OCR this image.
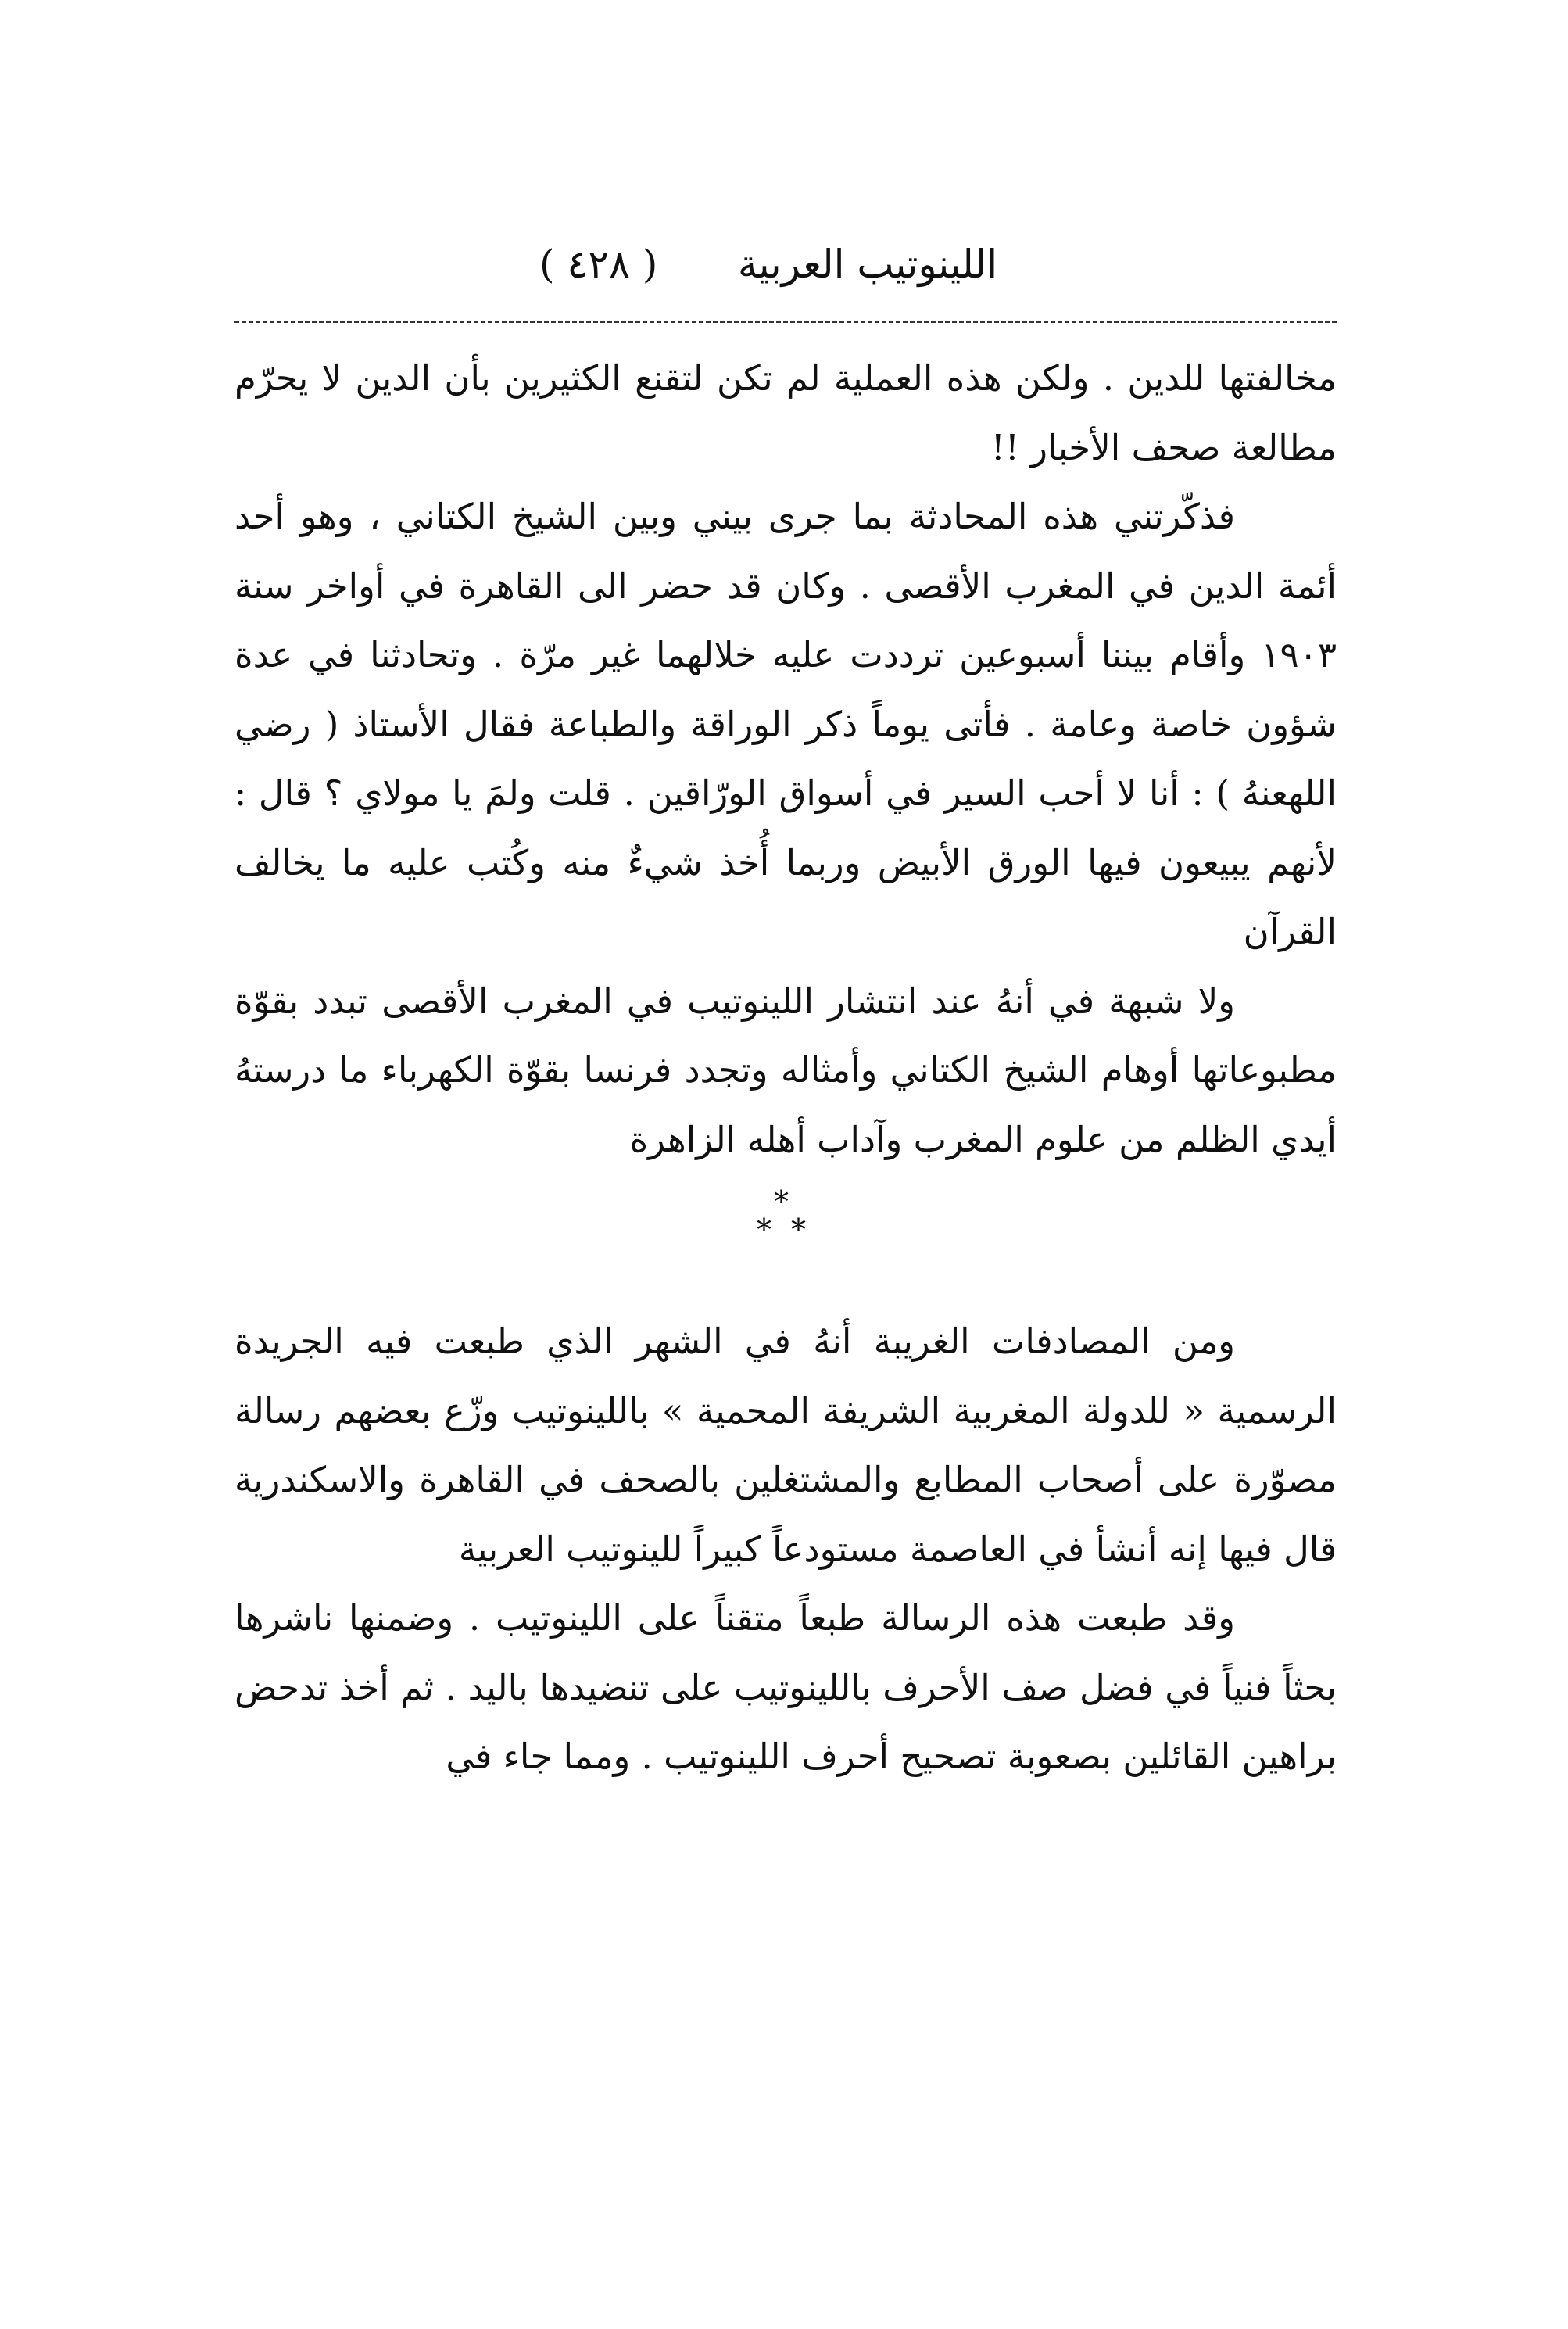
( ٤٢٨ )	اللينوتيب العربية

مخالفتها للدين . ولكن هذه العملية لم تكن لتقنع الكثيرين بأن الدين لا يحرّم مطالعة صحف الأخبار !!

فذكّرتني هذه المحادثة بما جرى بيني وبين الشيخ الكتاني ، وهو أحد أئمة الدين في المغرب الأقصى . وكان قد حضر الى القاهرة في أواخر سنة ١٩٠٣ وأقام بيننا أسبوعين ترددت عليه خلالهما غير مرّة . وتحادثنا في عدة شؤون خاصة وعامة . فأتى يوماً ذكر الوراقة والطباعة فقال الأستاذ ( رضي اللهعنهُ ) : أنا لا أحب السير في أسواق الورّاقين . قلت ولمَ يا مولاي ؟ قال : لأنهم يبيعون فيها الورق الأبيض وربما أُخذ شيءٌ منه وكُتب عليه ما يخالف القرآن

ولا شبهة في أنهُ عند انتشار اللينوتيب في المغرب الأقصى تبدد بقوّة مطبوعاتها أوهام الشيخ الكتاني وأمثاله وتجدد فرنسا بقوّة الكهرباء ما درستهُ أيدي الظلم من علوم المغرب وآداب أهله الزاهرة

*
* *

ومن المصادفات الغريبة أنهُ في الشهر الذي طبعت فيه الجريدة الرسمية « للدولة المغربية الشريفة المحمية » باللينوتيب وزّع بعضهم رسالة مصوّرة على أصحاب المطابع والمشتغلين بالصحف في القاهرة والاسكندرية قال فيها إنه أنشأ في العاصمة مستودعاً كبيراً للينوتيب العربية

وقد طبعت هذه الرسالة طبعاً متقناً على اللينوتيب . وضمنها ناشرها بحثاً فنياً في فضل صف الأحرف باللينوتيب على تنضيدها باليد . ثم أخذ تدحض براهين القائلين بصعوبة تصحيح أحرف اللينوتيب . ومما جاء في
